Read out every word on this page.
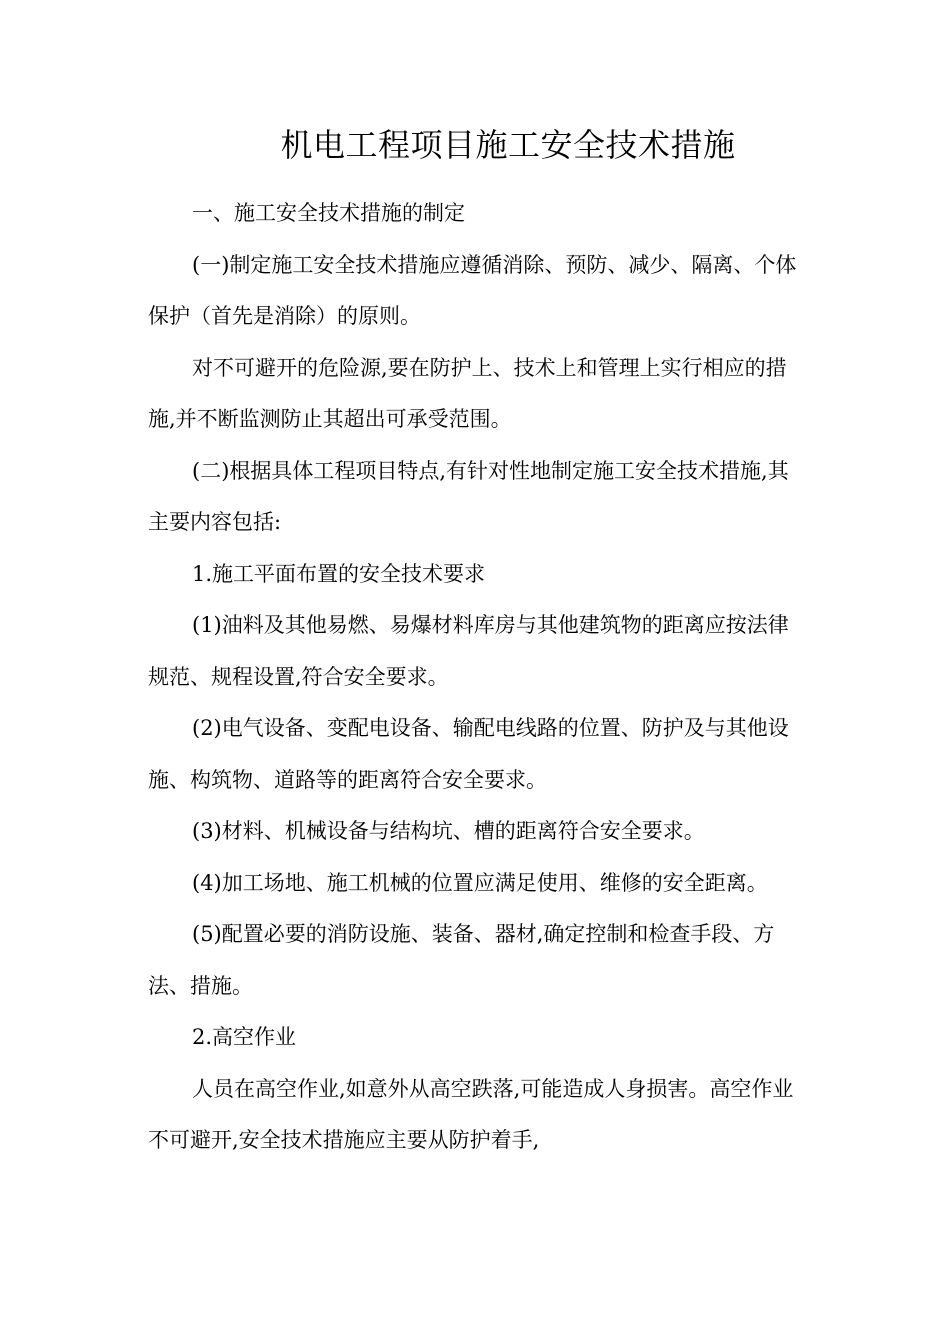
机电工程项目施工安全技术措施

一、施工安全技术措施的制定

(一)制定施工安全技术措施应遵循消除、预防、减少、隔离、个体保护（首先是消除）的原则。

对不可避开的危险源,要在防护上、技术上和管理上实行相应的措施,并不断监测防止其超出可承受范围。

(二)根据具体工程项目特点,有针对性地制定施工安全技术措施,其主要内容包括:

1.施工平面布置的安全技术要求

(1)油料及其他易燃、易爆材料库房与其他建筑物的距离应按法律规范、规程设置,符合安全要求。

(2)电气设备、变配电设备、输配电线路的位置、防护及与其他设施、构筑物、道路等的距离符合安全要求。

(3)材料、机械设备与结构坑、槽的距离符合安全要求。

(4)加工场地、施工机械的位置应满足使用、维修的安全距离。

(5)配置必要的消防设施、装备、器材,确定控制和检查手段、方法、措施。

2.高空作业

人员在高空作业,如意外从高空跌落,可能造成人身损害。高空作业不可避开,安全技术措施应主要从防护着手,
